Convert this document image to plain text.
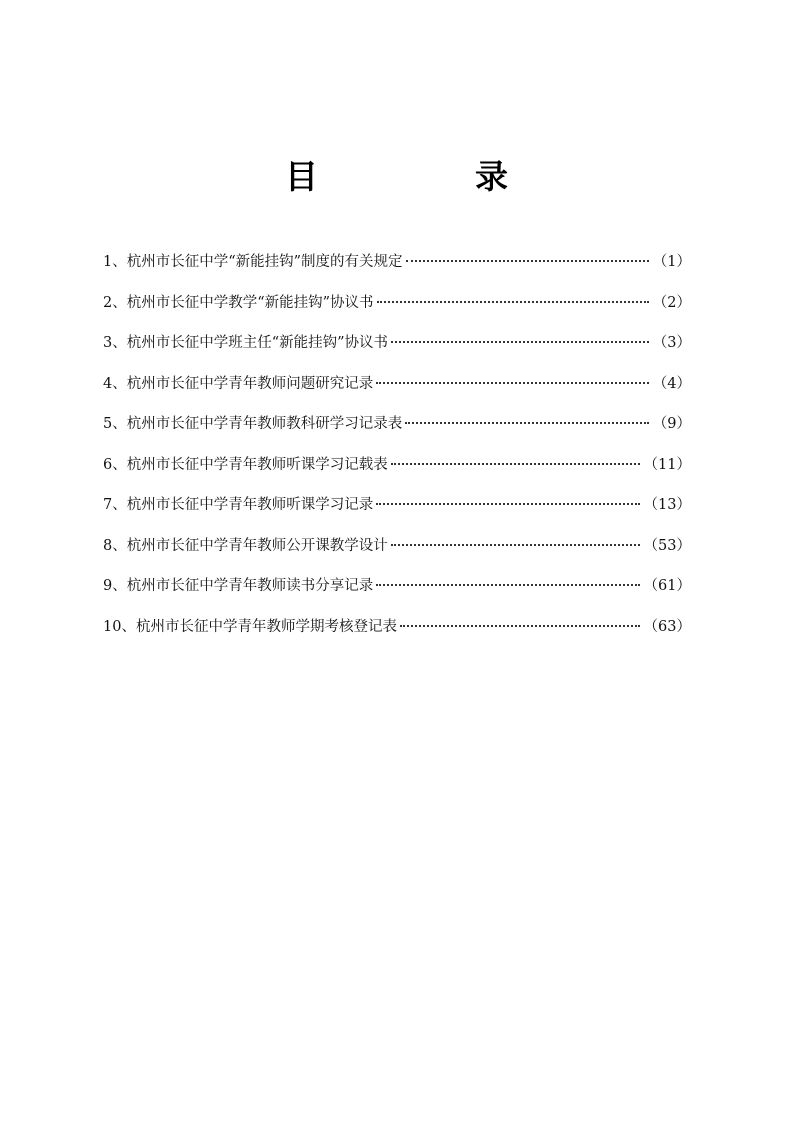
目　录
1、 杭州市长征中学“新能挂钩”制度的有关规定	（1）
2、 杭州市长征中学教学“新能挂钩”协议书	（2）
3、 杭州市长征中学班主任“新能挂钩”协议书	（3）
4、 杭州市长征中学青年教师问题研究记录	（4）
5、 杭州市长征中学青年教师教科研学习记录表	（9）
6、 杭州市长征中学青年教师听课学习记载表	（11）
7、 杭州市长征中学青年教师听课学习记录	（13）
8、 杭州市长征中学青年教师公开课教学设计	（53）
9、 杭州市长征中学青年教师读书分享记录	（61）
10、 杭州市长征中学青年教师学期考核登记表	（63）
